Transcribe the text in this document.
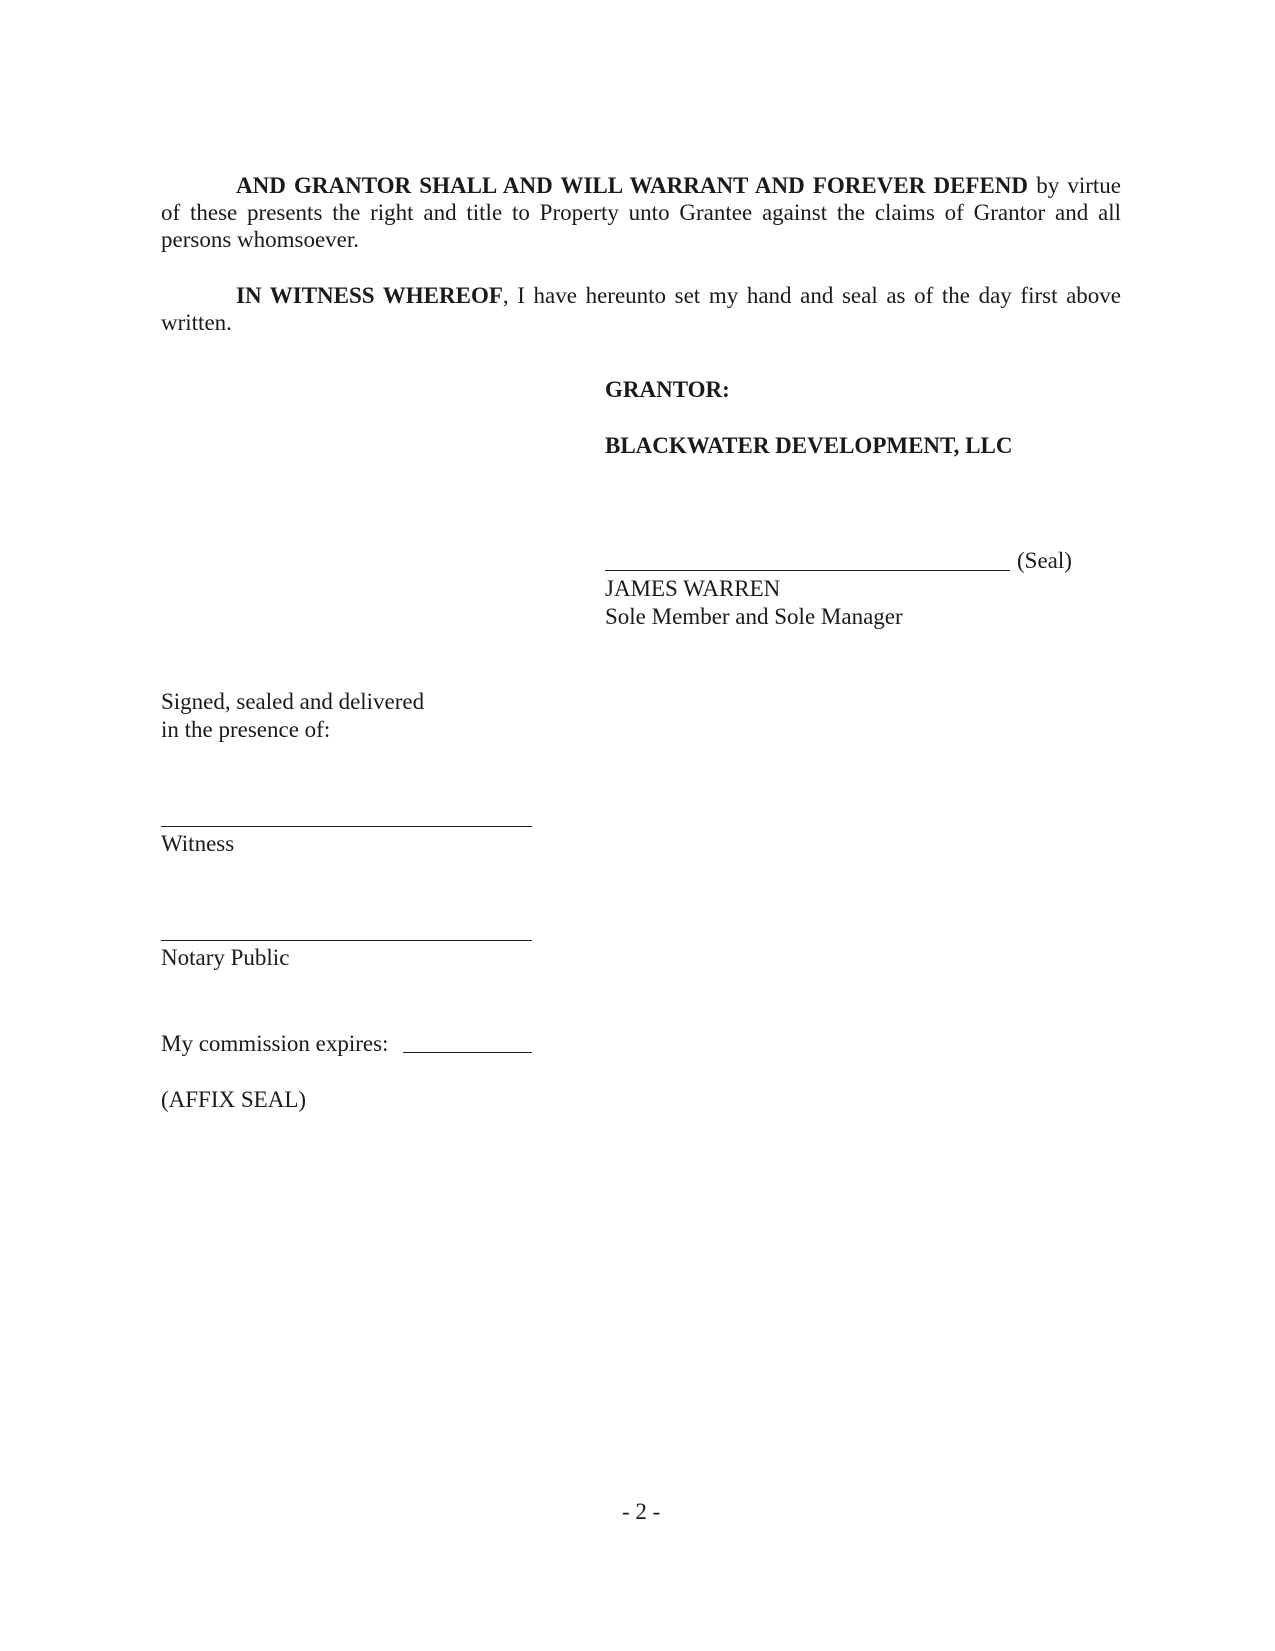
AND GRANTOR SHALL AND WILL WARRANT AND FOREVER DEFEND by virtue of these presents the right and title to Property unto Grantee against the claims of Grantor and all persons whomsoever.

IN WITNESS WHEREOF, I have hereunto set my hand and seal as of the day first above written.

GRANTOR:

BLACKWATER DEVELOPMENT, LLC

(Seal)

JAMES WARREN

Sole Member and Sole Manager

Signed, sealed and delivered

in the presence of:

Witness

Notary Public

My commission expires:

(AFFIX SEAL)

- 2 -
